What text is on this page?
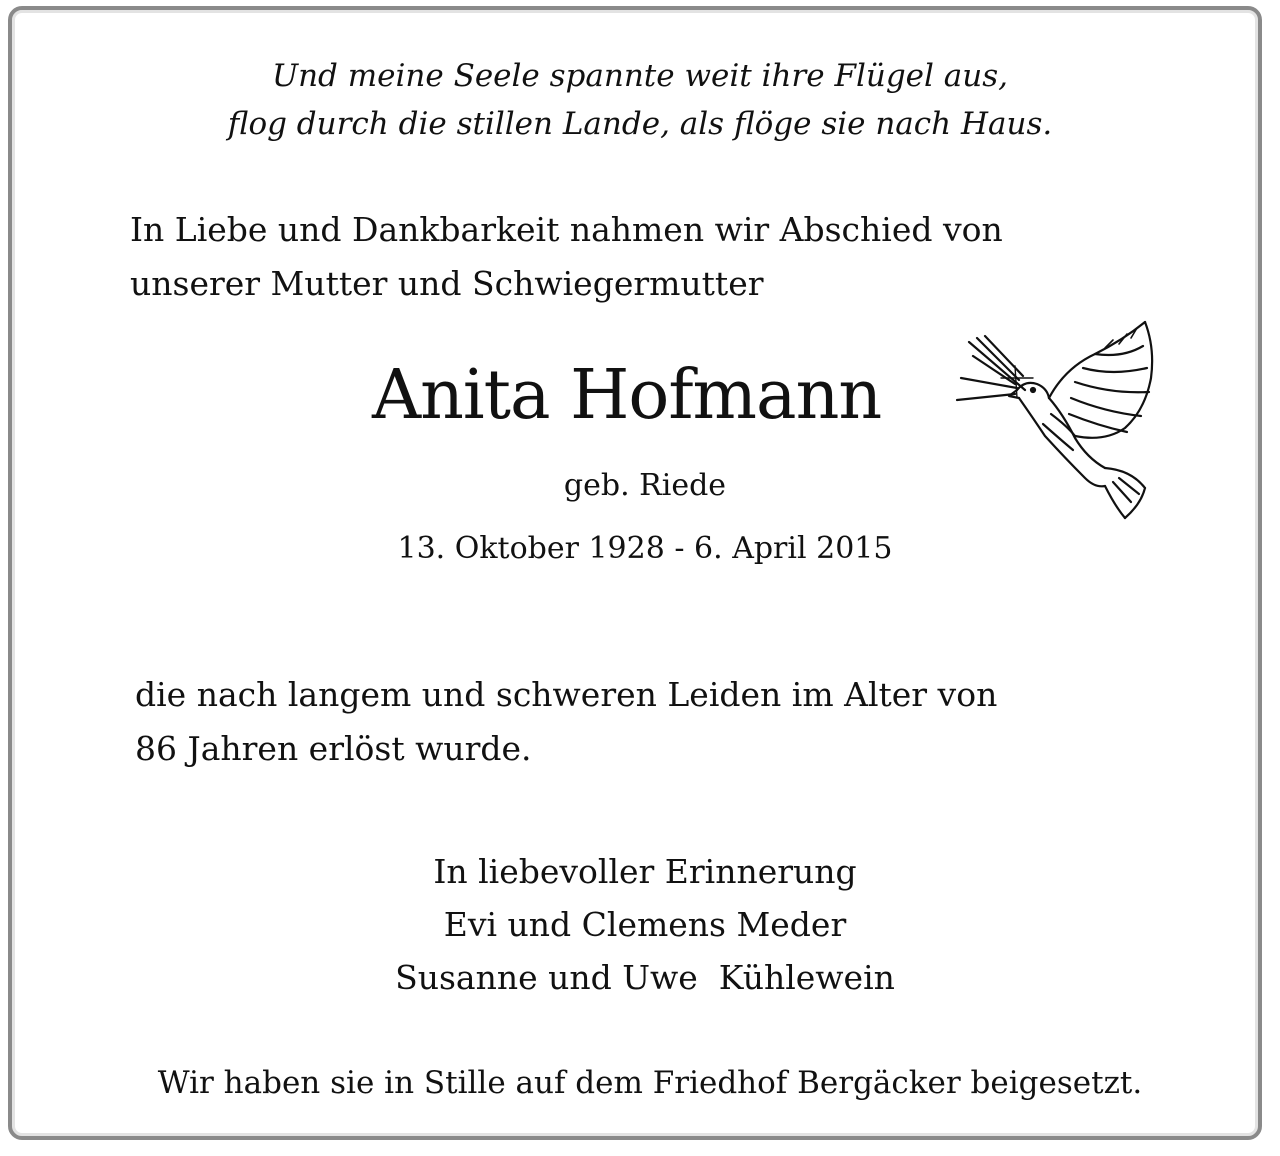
Und meine Seele spannte weit ihre Flügel aus,
flog durch die stillen Lande, als flöge sie nach Haus.
In Liebe und Dankbarkeit nahmen wir Abschied von
unserer Mutter und Schwiegermutter
Anita Hofmann
geb. Riede
13. Oktober 1928 - 6. April 2015
die nach langem und schweren Leiden im Alter von
86 Jahren erlöst wurde.
In liebevoller Erinnerung
Evi und Clemens Meder
Susanne und Uwe  Kühlewein
Wir haben sie in Stille auf dem Friedhof Bergäcker beigesetzt.
